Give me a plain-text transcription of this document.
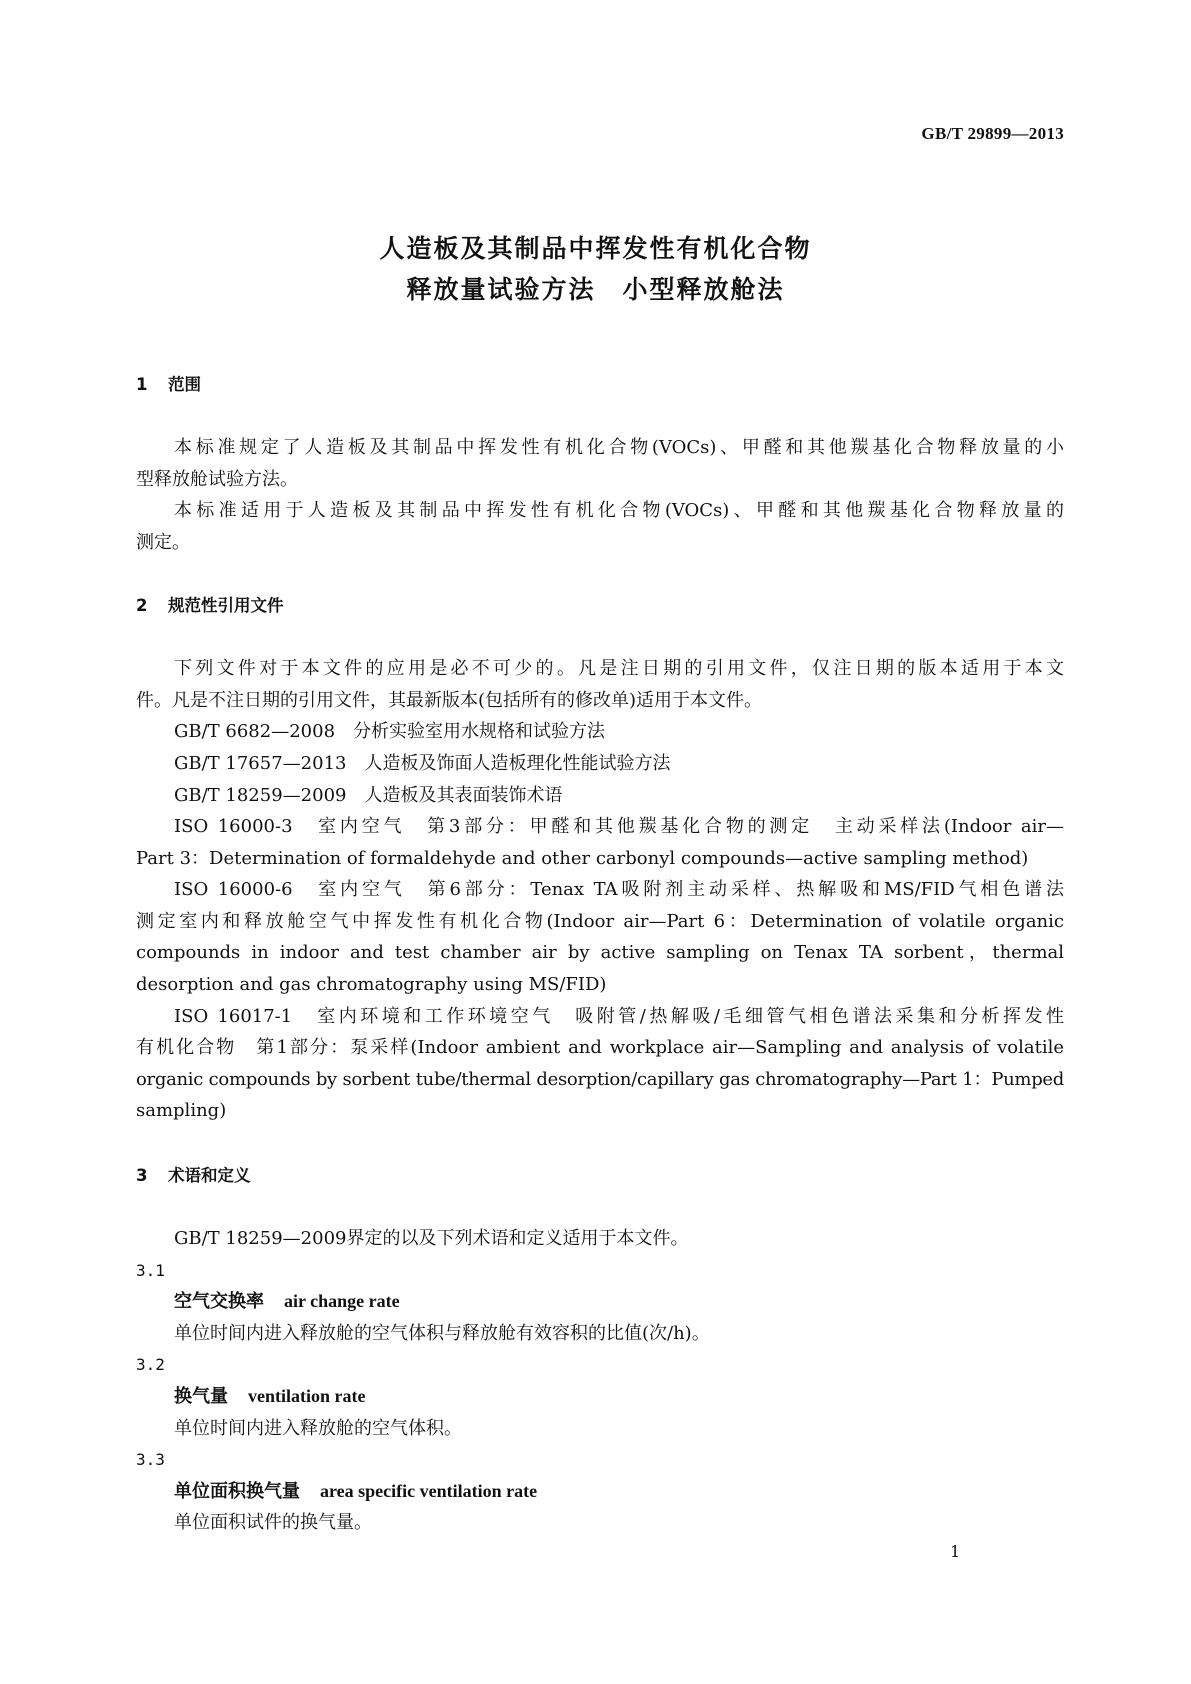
GB/T 29899—2013
人造板及其制品中挥发性有机化合物
释放量试验方法　小型释放舱法
1 范围
本标准规定了人造板及其制品中挥发性有机化合物(VOCs)、甲醛和其他羰基化合物释放量的小
型释放舱试验方法。
本标准适用于人造板及其制品中挥发性有机化合物(VOCs)、甲醛和其他羰基化合物释放量的
测定。
2 规范性引用文件
下列文件对于本文件的应用是必不可少的。凡是注日期的引用文件，仅注日期的版本适用于本文
件。凡是不注日期的引用文件，其最新版本(包括所有的修改单)适用于本文件。
GB/T 6682—2008　分析实验室用水规格和试验方法
GB/T 17657—2013　人造板及饰面人造板理化性能试验方法
GB/T 18259—2009　人造板及其表面装饰术语
ISO 16000-3　室内空气　第3部分：甲醛和其他羰基化合物的测定　主动采样法(Indoor air—
Part 3：Determination of formaldehyde and other carbonyl compounds—active sampling method)
ISO 16000-6　室内空气　第6部分：Tenax TA吸附剂主动采样、热解吸和MS/FID气相色谱法
测定室内和释放舱空气中挥发性有机化合物(Indoor air—Part 6：Determination of volatile organic
compounds in indoor and test chamber air by active sampling on Tenax TA sorbent，thermal
desorption and gas chromatography using MS/FID)
ISO 16017-1　室内环境和工作环境空气　吸附管/热解吸/毛细管气相色谱法采集和分析挥发性
有机化合物　第1部分：泵采样(Indoor ambient and workplace air—Sampling and analysis of volatile
organic compounds by sorbent tube/thermal desorption/capillary gas chromatography—Part 1：Pumped
sampling)
3 术语和定义
GB/T 18259—2009界定的以及下列术语和定义适用于本文件。
3.1
空气交换率 air change rate
单位时间内进入释放舱的空气体积与释放舱有效容积的比值(次/h)。
3.2
换气量 ventilation rate
单位时间内进入释放舱的空气体积。
3.3
单位面积换气量 area specific ventilation rate
单位面积试件的换气量。
1
